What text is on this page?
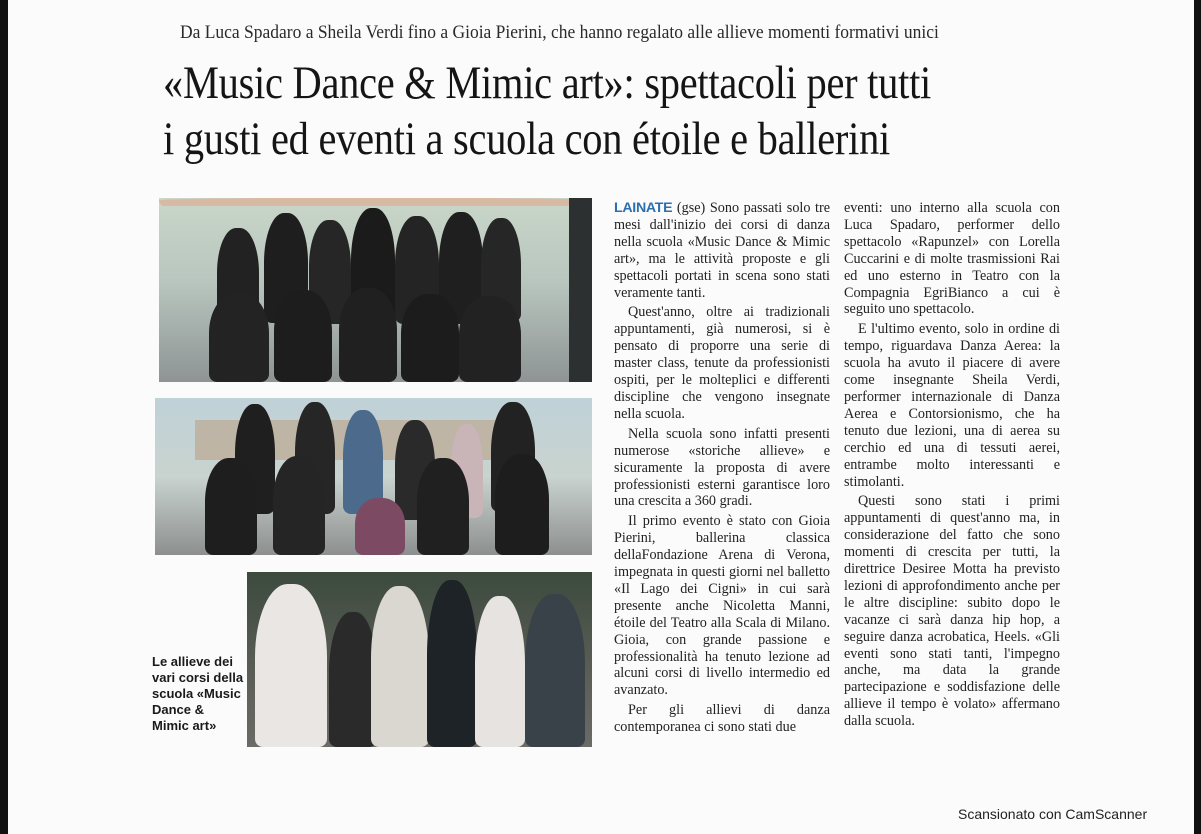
Da Luca Spadaro a Sheila Verdi fino a Gioia Pierini, che hanno regalato alle allieve momenti formativi unici
«Music Dance & Mimic art»: spettacoli per tutti
i gusti ed eventi a scuola con étoile e ballerini
Le allieve dei vari corsi della scuola «Music Dance & Mimic art»

LAINATE (gse) Sono passati solo tre mesi dall'inizio dei corsi di danza nella scuola «Music Dance & Mimic art», ma le attività proposte e gli spettacoli portati in scena sono stati veramente tanti.

Quest'anno, oltre ai tradizionali appuntamenti, già numerosi, si è pensato di proporre una serie di master class, tenute da professionisti ospiti, per le molteplici e differenti discipline che vengono insegnate nella scuola.

Nella scuola sono infatti presenti numerose «storiche allieve» e sicuramente la proposta di avere professionisti esterni garantisce loro una crescita a 360 gradi.

Il primo evento è stato con Gioia Pierini, ballerina classica dellaFondazione Arena di Verona, impegnata in questi giorni nel balletto «Il Lago dei Cigni» in cui sarà presente anche Nicoletta Manni, étoile del Teatro alla Scala di Milano. Gioia, con grande passione e professionalità ha tenuto lezione ad alcuni corsi di livello intermedio ed avanzato.

Per gli allievi di danza contemporanea ci sono stati due

eventi: uno interno alla scuola con Luca Spadaro, performer dello spettacolo «Rapunzel» con Lorella Cuccarini e di molte trasmissioni Rai ed uno esterno in Teatro con la Compagnia EgriBianco a cui è seguito uno spettacolo.

E l'ultimo evento, solo in ordine di tempo, riguardava Danza Aerea: la scuola ha avuto il piacere di avere come insegnante Sheila Verdi, performer internazionale di Danza Aerea e Contorsionismo, che ha tenuto due lezioni, una di aerea su cerchio ed una di tessuti aerei, entrambe molto interessanti e stimolanti.

Questi sono stati i primi appuntamenti di quest'anno ma, in considerazione del fatto che sono momenti di crescita per tutti, la direttrice Desiree Motta ha previsto lezioni di approfondimento anche per le altre discipline: subito dopo le vacanze ci sarà danza hip hop, a seguire danza acrobatica, Heels. «Gli eventi sono stati tanti, l'impegno anche, ma data la grande partecipazione e soddisfazione delle allieve il tempo è volato» affermano dalla scuola.

Scansionato con CamScanner
